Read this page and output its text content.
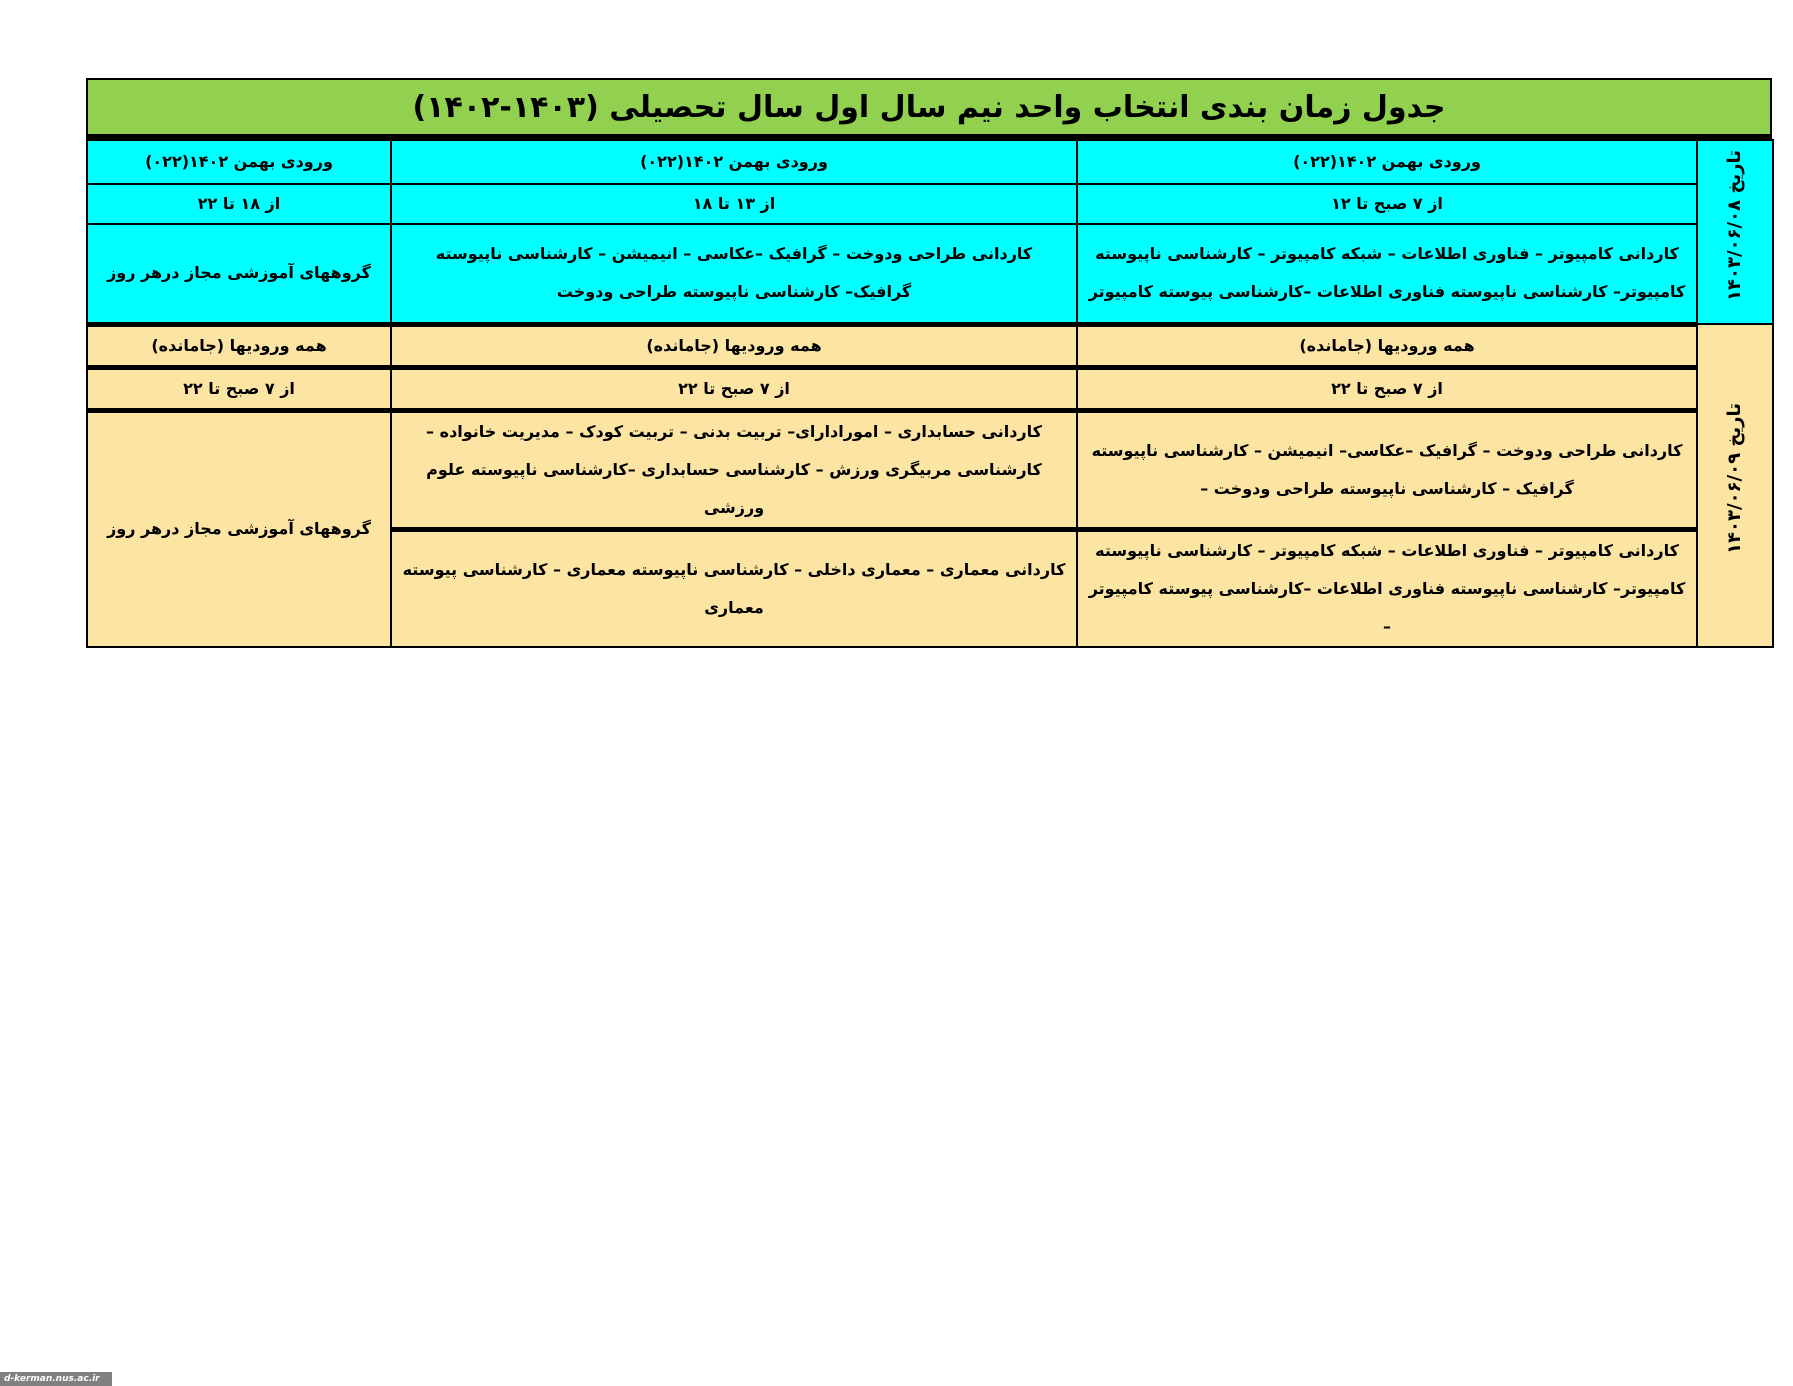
جدول زمان بندی انتخاب واحد نیم سال اول سال تحصیلی (۱۴۰۳-۱۴۰۲)
تاریخ ۱۴۰۳/۰۶/۰۸	ورودی بهمن ۱۴۰۲(۰۲۲)	ورودی بهمن ۱۴۰۲(۰۲۲)	ورودی بهمن ۱۴۰۲(۰۲۲)
	از ۷ صبح تا ۱۲	از ۱۳ تا ۱۸	از ۱۸ تا ۲۲
	کاردانی کامپیوتر – فناوری اطلاعات – شبکه کامپیوتر – کارشناسی ناپیوسته کامپیوتر– کارشناسی ناپیوسته فناوری اطلاعات –کارشناسی پیوسته کامپیوتر	کاردانی طراحی ودوخت – گرافیک –عکاسی – انیمیشن – کارشناسی ناپیوسته گرافیک– کارشناسی ناپیوسته طراحی ودوخت	گروههای آموزشی مجاز درهر روز
تاریخ ۱۴۰۳/۰۶/۰۹	همه ورودیها (جامانده)	همه ورودیها (جامانده)	همه ورودیها (جامانده)
	از ۷ صبح تا ۲۲	از ۷ صبح تا ۲۲	از ۷ صبح تا ۲۲
	کاردانی طراحی ودوخت – گرافیک –عکاسی– انیمیشن – کارشناسی ناپیوسته گرافیک – کارشناسی ناپیوسته طراحی ودوخت –	کاردانی حسابداری – امورادارای– تربیت بدنی – تربیت کودک – مدیریت خانواده – کارشناسی مربیگری ورزش – کارشناسی حسابداری –کارشناسی ناپیوسته علوم ورزشی	گروههای آموزشی مجاز درهر روز
	کاردانی کامپیوتر – فناوری اطلاعات – شبکه کامپیوتر – کارشناسی ناپیوسته کامپیوتر– کارشناسی ناپیوسته فناوری اطلاعات –کارشناسی پیوسته کامپیوتر –	کاردانی معماری – معماری داخلی – کارشناسی ناپیوسته معماری – کارشناسی پیوسته معماری	
d-kerman.nus.ac.ir
